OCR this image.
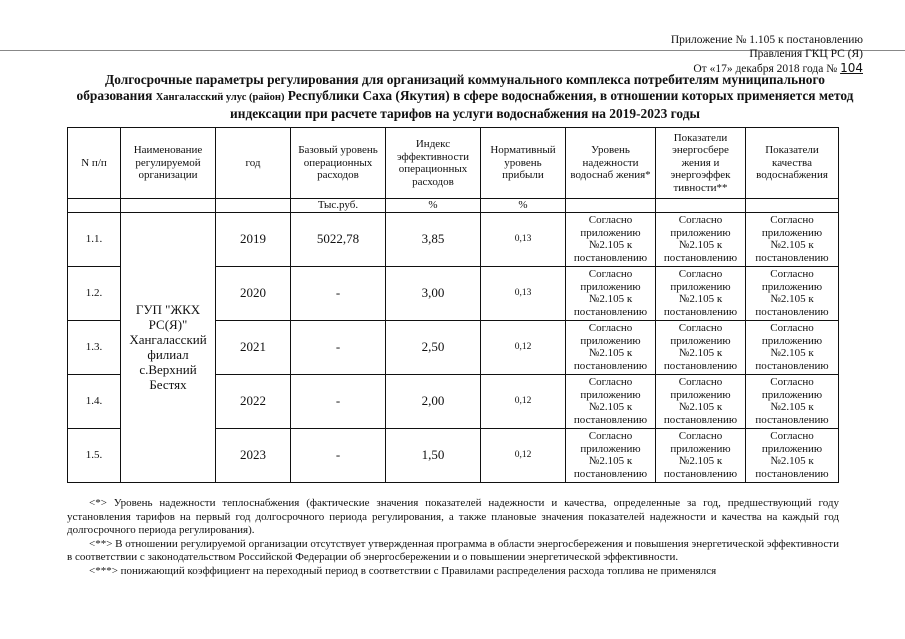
Приложение № 1.105 к постановлению
Правления ГКЦ РС (Я)
От «17» декабря 2018 года № 104
Долгосрочные параметры регулирования для организаций коммунального комплекса потребителям муниципального образования Хангаласский улус (район) Республики Саха (Якутия) в сфере водоснабжения, в отношении которых применяется метод индексации при расчете тарифов на услуги водоснабжения на 2019-2023 годы
N п/п	Наименование регулируемой организации	год	Базовый уровень операционных расходов	Индекс эффективности операционных расходов	Нормативный уровень прибыли	Уровень надежности водоснаб жения*	Показатели энергосбере жения и энергоэффек тивности**	Показатели качества водоснабжения
			Тыс.руб.	%	%			
1.1.	ГУП "ЖКХ РС(Я)" Хангаласский филиал с.Верхний Бестях	2019	5022,78	3,85	0,13	Согласно приложению №2.105 к постановлению	Согласно приложению №2.105 к постановлению	Согласно приложению №2.105 к постановлению
1.2.		2020	-	3,00	0,13	Согласно приложению №2.105 к постановлению	Согласно приложению №2.105 к постановлению	Согласно приложению №2.105 к постановлению
1.3.		2021	-	2,50	0,12	Согласно приложению №2.105 к постановлению	Согласно приложению №2.105 к постановлению	Согласно приложению №2.105 к постановлению
1.4.		2022	-	2,00	0,12	Согласно приложению №2.105 к постановлению	Согласно приложению №2.105 к постановлению	Согласно приложению №2.105 к постановлению
1.5.		2023	-	1,50	0,12	Согласно приложению №2.105 к постановлению	Согласно приложению №2.105 к постановлению	Согласно приложению №2.105 к постановлению

<*> Уровень надежности теплоснабжения (фактические значения показателей надежности и качества, определенные за год, предшествующий году установления тарифов на первый год долгосрочного периода регулирования, а также плановые значения показателей надежности и качества на каждый год долгосрочного периода регулирования).

<**> В отношении регулируемой организации отсутствует утвержденная программа в области энергосбережения и повышения энергетической эффективности в соответствии с законодательством Российской Федерации об энергосбережении и о повышении энергетической эффективности.

<***> понижающий коэффициент на переходный период в соответствии с Правилами распределения расхода топлива не применялся
